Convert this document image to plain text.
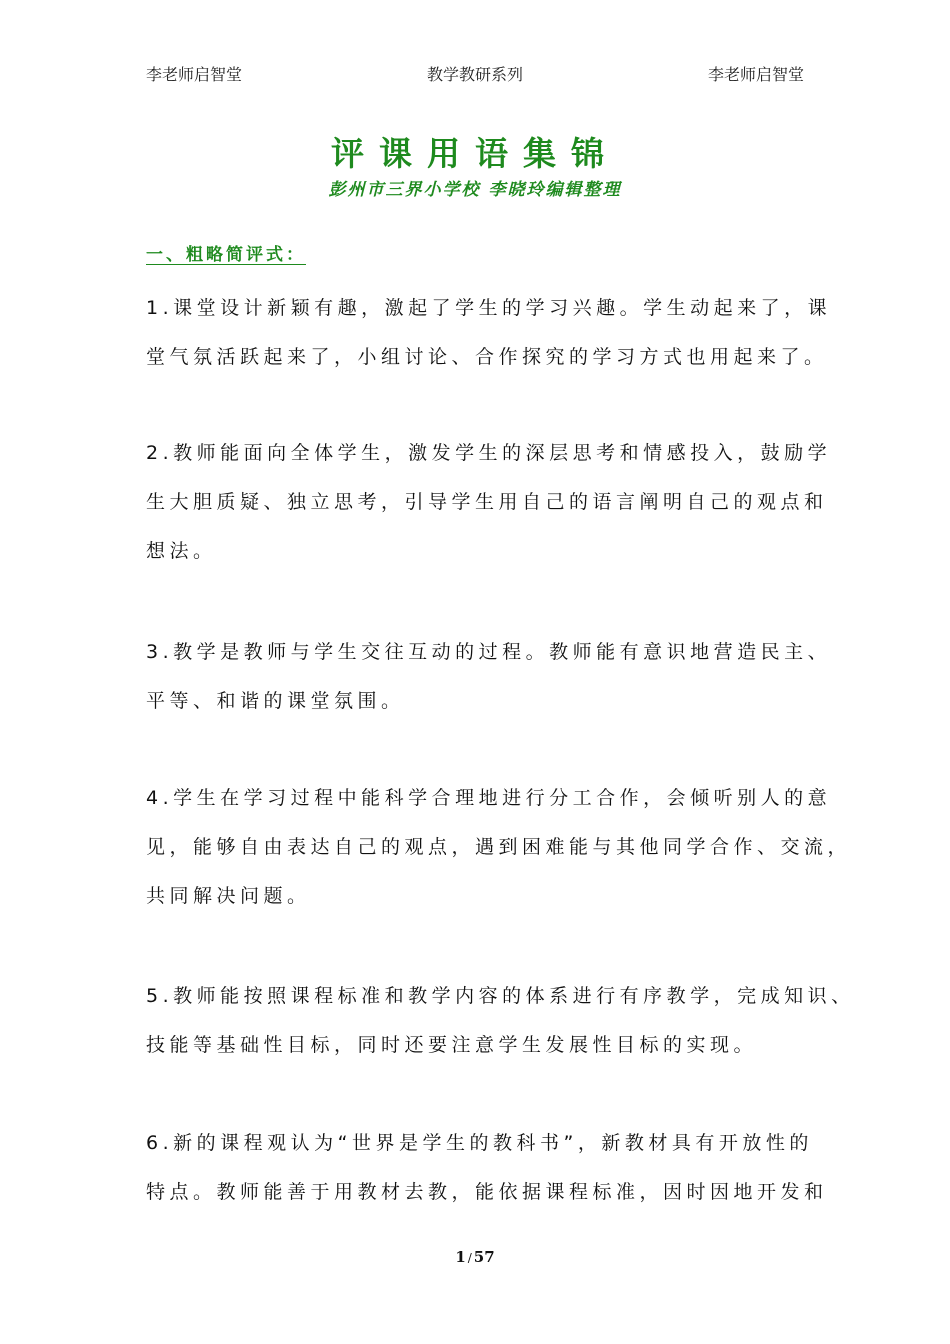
李老师启智堂	教学教研系列	李老师启智堂
评课用语集锦
彭州市三界小学校 李晓玲编辑整理
一、粗略简评式：
1.课堂设计新颖有趣，激起了学生的学习兴趣。学生动起来了，课
堂气氛活跃起来了，小组讨论、合作探究的学习方式也用起来了。
2.教师能面向全体学生，激发学生的深层思考和情感投入，鼓励学
生大胆质疑、独立思考，引导学生用自己的语言阐明自己的观点和
想法。
3.教学是教师与学生交往互动的过程。教师能有意识地营造民主、
平等、和谐的课堂氛围。
4.学生在学习过程中能科学合理地进行分工合作，会倾听别人的意
见，能够自由表达自己的观点，遇到困难能与其他同学合作、交流，
共同解决问题。
5.教师能按照课程标准和教学内容的体系进行有序教学，完成知识、
技能等基础性目标，同时还要注意学生发展性目标的实现。
6.新的课程观认为“世界是学生的教科书”，新教材具有开放性的
特点。教师能善于用教材去教，能依据课程标准，因时因地开发和
1 / 57
